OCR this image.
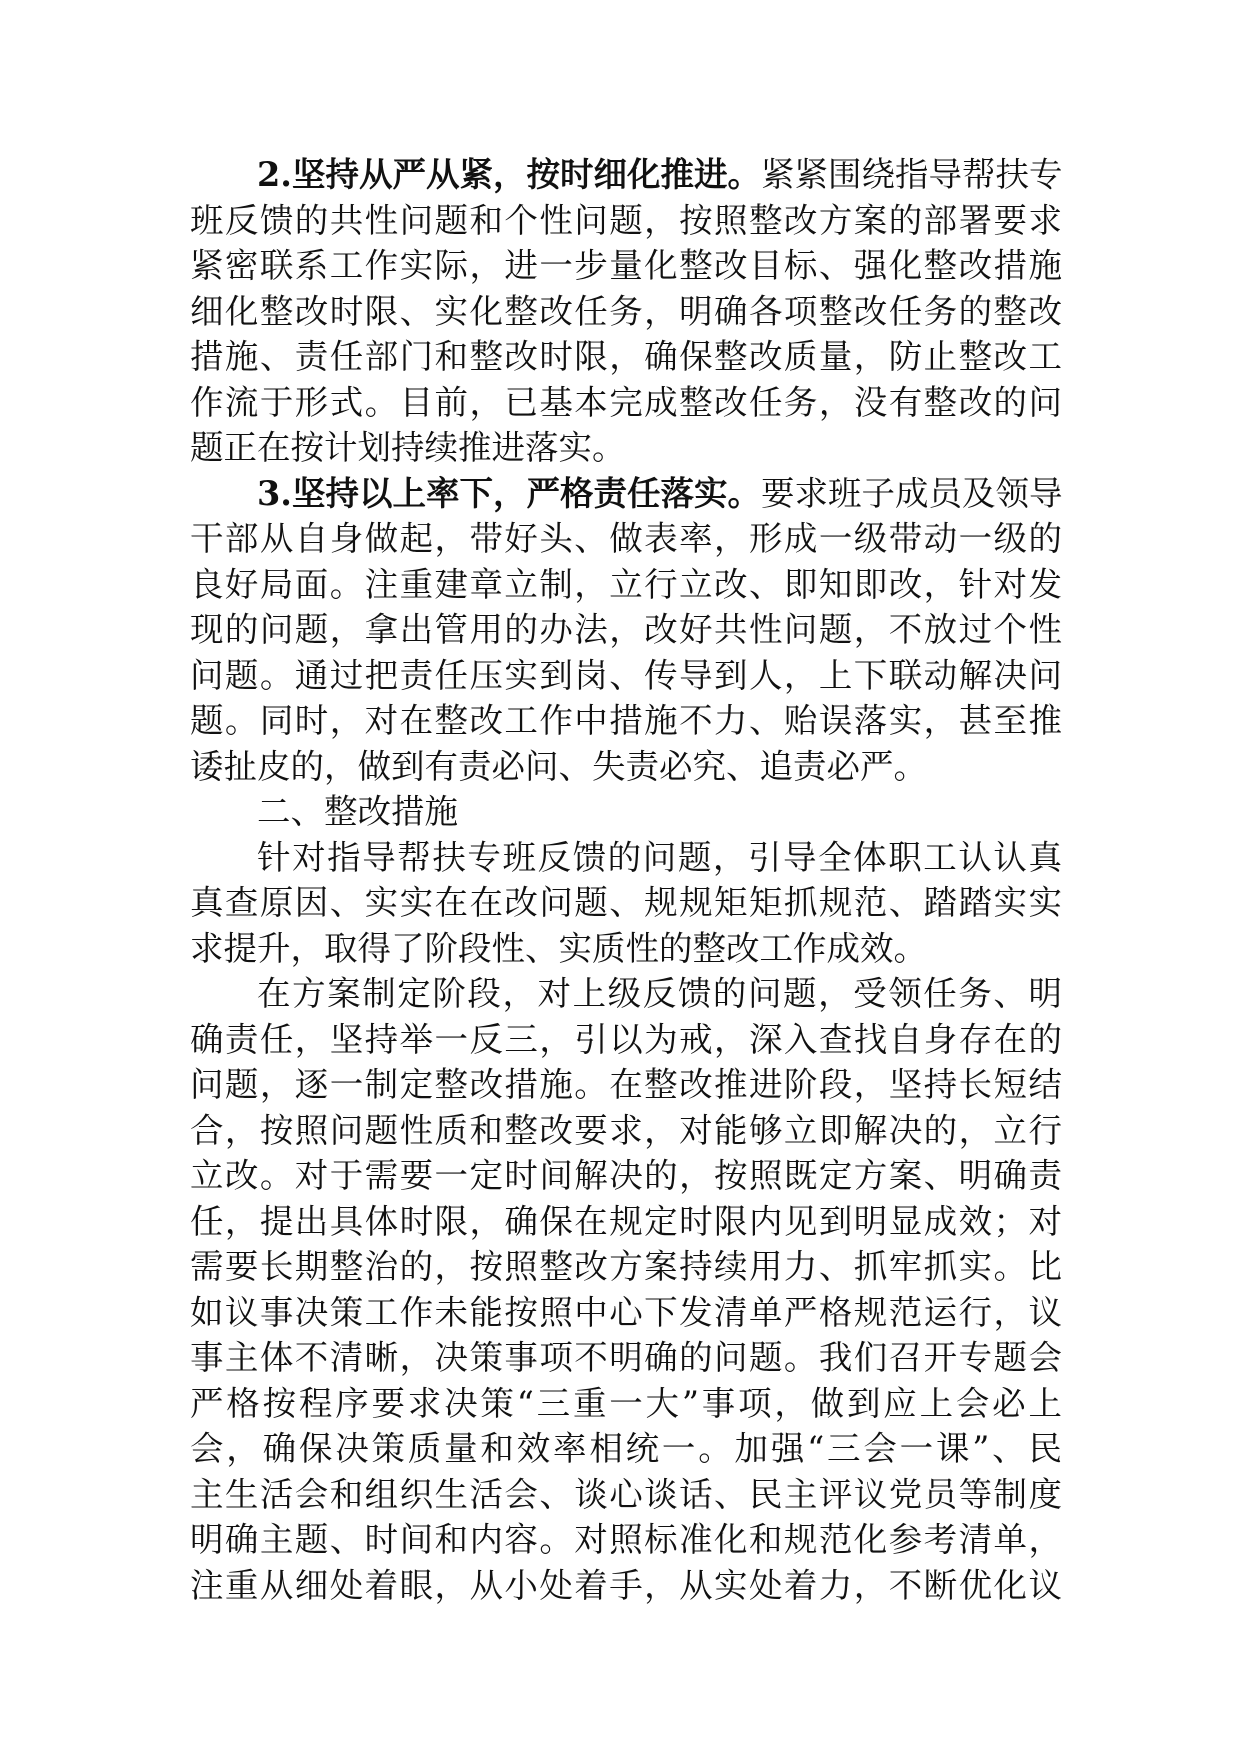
2.坚持从严从紧，按时细化推进。紧紧围绕指导帮扶专
班反馈的共性问题和个性问题，按照整改方案的部署要求
紧密联系工作实际，进一步量化整改目标、强化整改措施
细化整改时限、实化整改任务，明确各项整改任务的整改
措施、责任部门和整改时限，确保整改质量，防止整改工
作流于形式。目前，已基本完成整改任务，没有整改的问
题正在按计划持续推进落实。
3.坚持以上率下，严格责任落实。要求班子成员及领导
干部从自身做起，带好头、做表率，形成一级带动一级的
良好局面。注重建章立制，立行立改、即知即改，针对发
现的问题，拿出管用的办法，改好共性问题，不放过个性
问题。通过把责任压实到岗、传导到人，上下联动解决问
题。同时，对在整改工作中措施不力、贻误落实，甚至推
诿扯皮的，做到有责必问、失责必究、追责必严。
二、整改措施
针对指导帮扶专班反馈的问题，引导全体职工认认真
真查原因、实实在在改问题、规规矩矩抓规范、踏踏实实
求提升，取得了阶段性、实质性的整改工作成效。
在方案制定阶段，对上级反馈的问题，受领任务、明
确责任，坚持举一反三，引以为戒，深入查找自身存在的
问题，逐一制定整改措施。在整改推进阶段，坚持长短结
合，按照问题性质和整改要求，对能够立即解决的，立行
立改。对于需要一定时间解决的，按照既定方案、明确责
任，提出具体时限，确保在规定时限内见到明显成效；对
需要长期整治的，按照整改方案持续用力、抓牢抓实。比
如议事决策工作未能按照中心下发清单严格规范运行，议
事主体不清晰，决策事项不明确的问题。我们召开专题会
严格按程序要求决策“三重一大”事项，做到应上会必上
会，确保决策质量和效率相统一。加强“三会一课”、民
主生活会和组织生活会、谈心谈话、民主评议党员等制度
明确主题、时间和内容。对照标准化和规范化参考清单，
注重从细处着眼，从小处着手，从实处着力，不断优化议
